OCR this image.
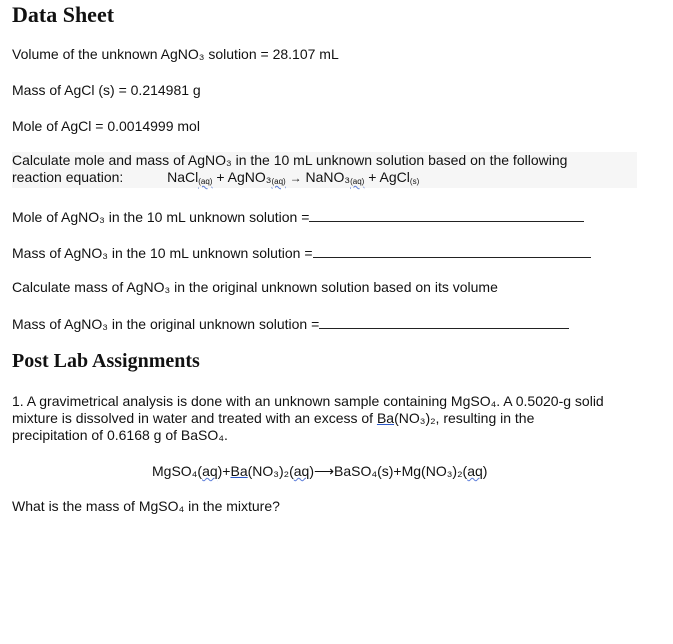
Data Sheet
Volume of the unknown AgNO₃ solution = 28.107 mL
Mass of AgCl (s) = 0.214981 g
Mole of AgCl = 0.0014999 mol
Calculate mole and mass of AgNO₃ in the 10 mL unknown solution based on the following
reaction equation:	NaCl$_{(aq)}$ + $AgNO_3_{(aq)}$ → $NaNO_3_{(aq)}$ + AgCl$_{(s)}$
Mole of AgNO₃ in the 10 mL unknown solution =
Mass of AgNO₃ in the 10 mL unknown solution =
Calculate mass of AgNO₃ in the original unknown solution based on its volume
Mass of AgNO₃ in the original unknown solution =
Post Lab Assignments
1. A gravimetrical analysis is done with an unknown sample containing MgSO₄. A 0.5020-g solid
mixture is dissolved in water and treated with an excess of Ba(NO₃)₂, resulting in the
precipitation of 0.6168 g of BaSO₄.
MgSO₄(aq)+Ba(NO₃)₂(aq)⟶BaSO₄(s)+Mg(NO₃)₂(aq)
What is the mass of MgSO₄ in the mixture?
